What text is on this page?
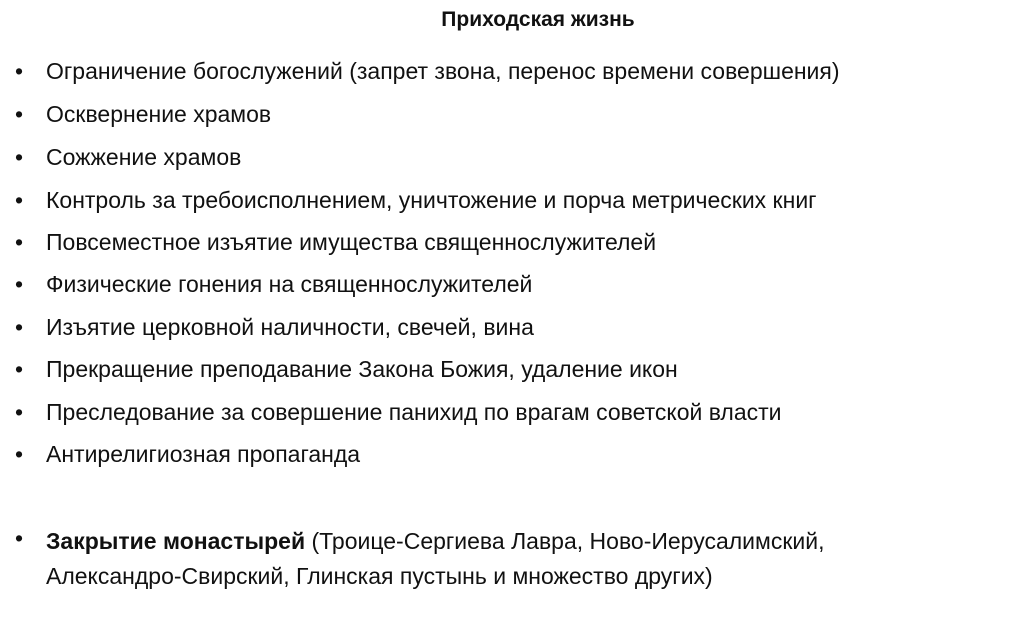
Приходская жизнь
• Ограничение богослужений (запрет звона, перенос времени совершения)
• Осквернение храмов
• Сожжение храмов
• Контроль за требоисполнением, уничтожение и порча метрических книг
• Повсеместное изъятие имущества священнослужителей
• Физические гонения на священнослужителей
• Изъятие церковной наличности, свечей, вина
• Прекращение преподавание Закона Божия, удаление икон
• Преследование за совершение панихид по врагам советской власти
• Антирелигиозная пропаганда
• Закрытие монастырей (Троице-Сергиева Лавра, Ново-Иерусалимский, Александро-Свирский, Глинская пустынь и множество других)
